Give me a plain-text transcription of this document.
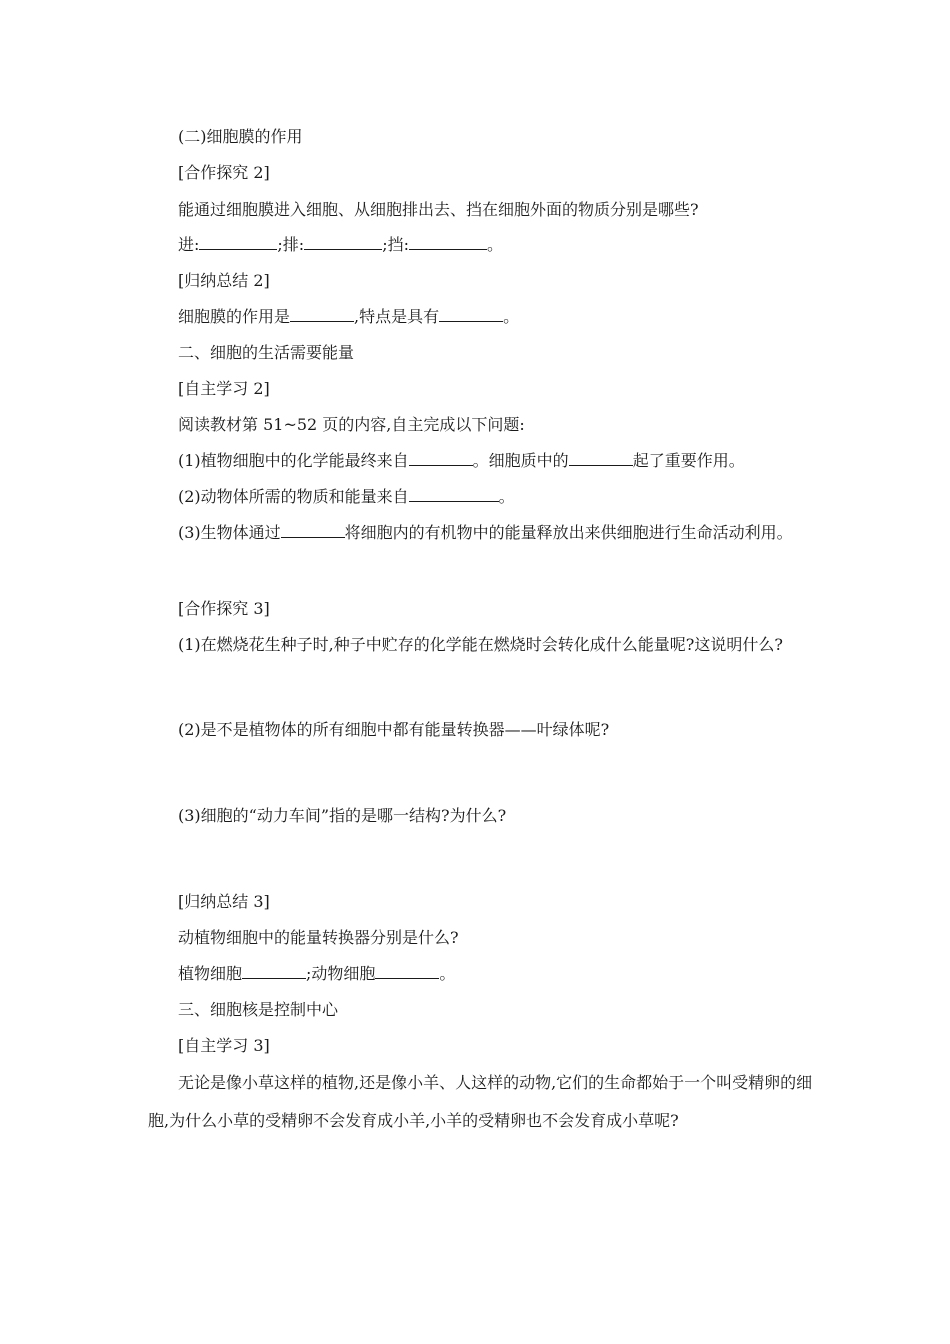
(二)细胞膜的作用
[合作探究 2]
能通过细胞膜进入细胞、从细胞排出去、挡在细胞外面的物质分别是哪些?
进:	;排:	;挡:	。
[归纳总结 2]
细胞膜的作用是	,特点是具有	。
二、细胞的生活需要能量
[自主学习 2]
阅读教材第 51~52 页的内容,自主完成以下问题:
(1)植物细胞中的化学能最终来自	。细胞质中的	起了重要作用。
(2)动物体所需的物质和能量来自	。
(3)生物体通过	将细胞内的有机物中的能量释放出来供细胞进行生命活动利用。
[合作探究 3]
(1)在燃烧花生种子时,种子中贮存的化学能在燃烧时会转化成什么能量呢?这说明什么?
(2)是不是植物体的所有细胞中都有能量转换器——叶绿体呢?
(3)细胞的“动力车间”指的是哪一结构?为什么?
[归纳总结 3]
动植物细胞中的能量转换器分别是什么?
植物细胞	;动物细胞	。
三、细胞核是控制中心
[自主学习 3]
无论是像小草这样的植物,还是像小羊、人这样的动物,它们的生命都始于一个叫受精卵的细胞,为什么小草的受精卵不会发育成小羊,小羊的受精卵也不会发育成小草呢?
